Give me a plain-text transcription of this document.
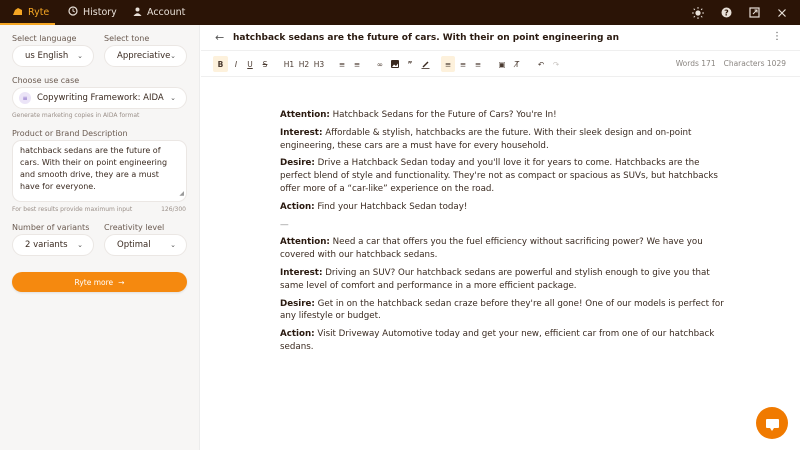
Ryte	History	Account	?
Select language
us English	⌄
Select tone
Appreciative ⌄
Choose use case
≡	Copywriting Framework: AIDA ⌄
Generate marketing copies in AIDA format
Product or Brand Description
hatchback sedans are the future of cars. With their on point engineering and smooth drive, they are a must have for everyone.
◢
For best results provide maximum input	126/300
Number of variants
2 variants	⌄
Creativity level
Optimal	⌄
Ryte more →
← hatchback sedans are the future of cars. With their on point engineering an	⋮
B	I	U	S	H1 H2 H3	≡	≡	∞	”	≡	≡	≡	▣	T̸	↶	↷	Words 171 Characters 1029

Attention: Hatchback Sedans for the Future of Cars? You're In!

Interest: Affordable & stylish, hatchbacks are the future. With their sleek design and on-point engineering, these cars are a must have for every household.

Desire: Drive a Hatchback Sedan today and you'll love it for years to come. Hatchbacks are the perfect blend of style and functionality. They're not as compact or spacious as SUVs, but hatchbacks offer more of a “car-like” experience on the road.

Action: Find your Hatchback Sedan today!

—

Attention: Need a car that offers you the fuel efficiency without sacrificing power? We have you covered with our hatchback sedans.

Interest: Driving an SUV? Our hatchback sedans are powerful and stylish enough to give you that same level of comfort and performance in a more efficient package.

Desire: Get in on the hatchback sedan craze before they're all gone! One of our models is perfect for any lifestyle or budget.

Action: Visit Driveway Automotive today and get your new, efficient car from one of our hatchback sedans.
